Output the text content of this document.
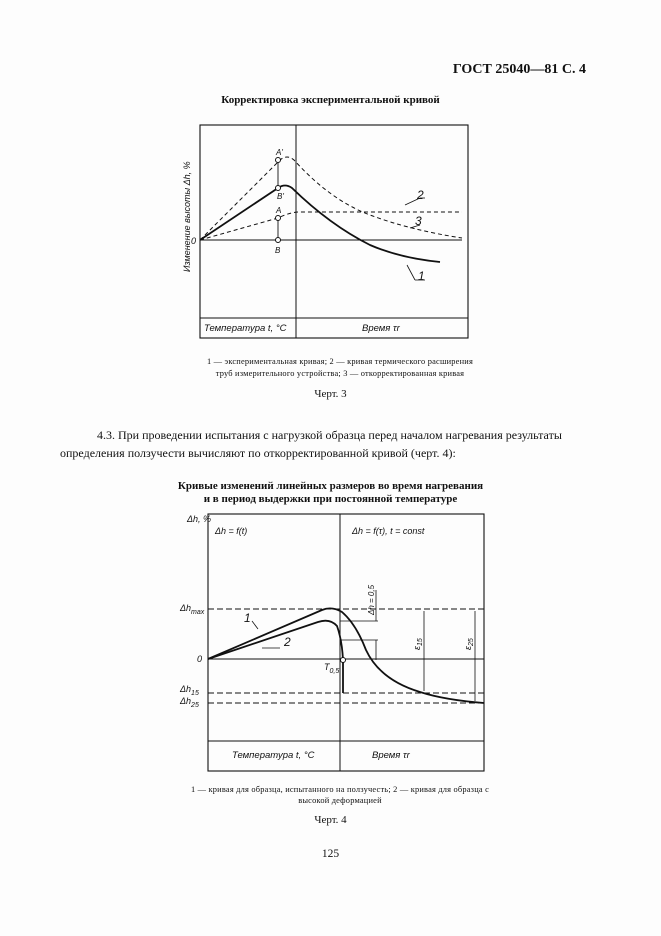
ГОСТ 25040—81 С. 4
Корректировка экспериментальной кривой
Изменение высоты Δh, % 0
A'
B'
A
B
2
3
1
Температура t, °C	Время τr
Δh, %
Δh = f(t)	Δh = f(τ), t = const
$\Delta h_{max}$
0
$\Delta h_{15}$
$\Delta h_{25}$
Δh = 0,5
$T_{0,5}$
$\varepsilon_{15}$
$\varepsilon_{25}$
1
2
Температура t, °C	Время τr
1 — экспериментальная кривая; 2 — кривая термического расширения
труб измерительного устройства; 3 — откорректированная кривая
Черт. 3
4.3. При проведении испытания с нагрузкой образца перед началом нагревания результаты
определения ползучести вычисляют по откорректированной кривой (черт. 4):
Кривые изменений линейных размеров во время нагревания
и в период выдержки при постоянной температуре
1 — кривая для образца, испытанного на ползучесть; 2 — кривая для образца с
высокой деформацией
Черт. 4
125
